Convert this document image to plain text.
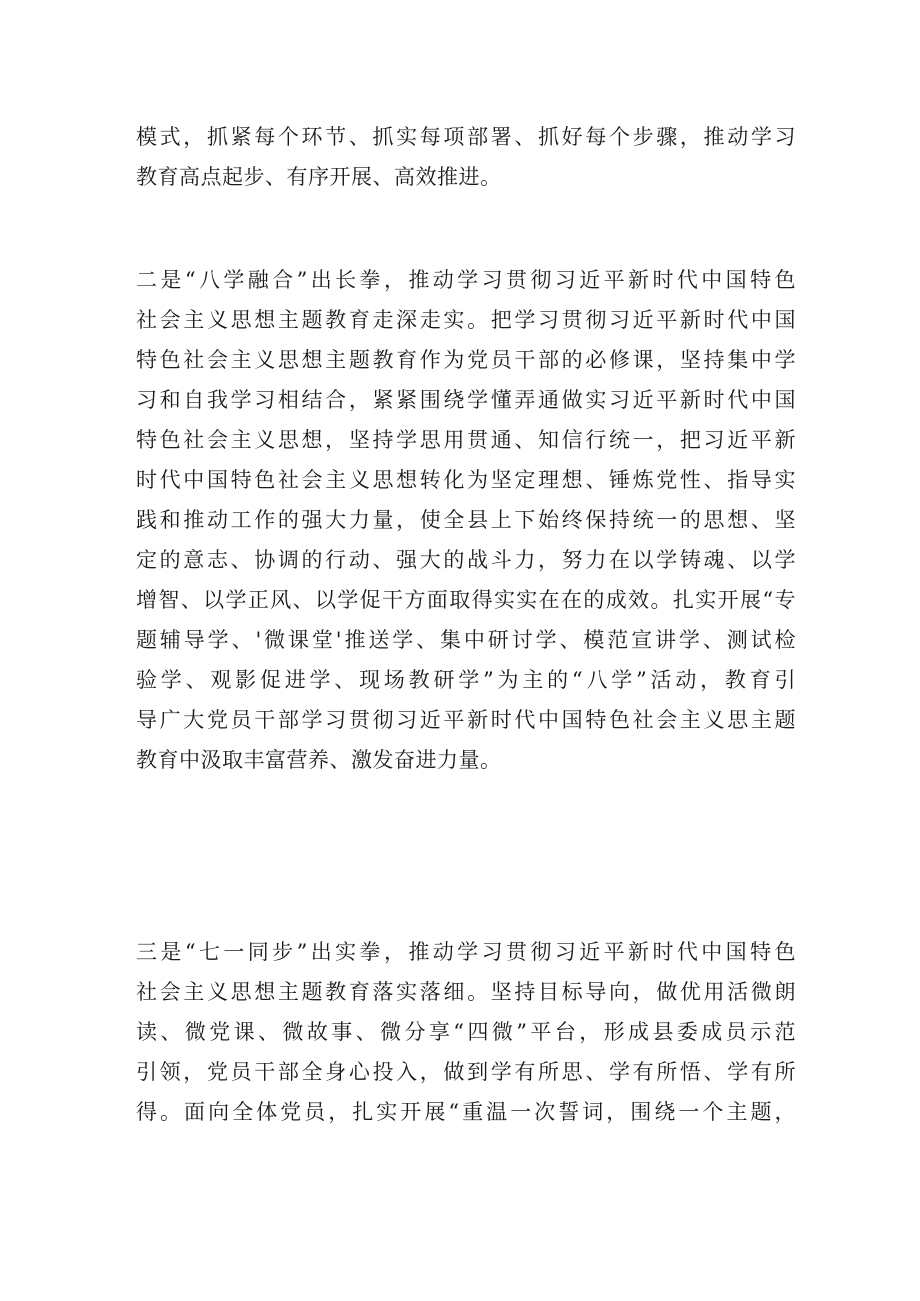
模式，抓紧每个环节、抓实每项部署、抓好每个步骤，推动学习
教育高点起步、有序开展、高效推进。
二是“八学融合”出长拳，推动学习贯彻习近平新时代中国特色
社会主义思想主题教育走深走实。把学习贯彻习近平新时代中国
特色社会主义思想主题教育作为党员干部的必修课，坚持集中学
习和自我学习相结合，紧紧围绕学懂弄通做实习近平新时代中国
特色社会主义思想，坚持学思用贯通、知信行统一，把习近平新
时代中国特色社会主义思想转化为坚定理想、锤炼党性、指导实
践和推动工作的强大力量，使全县上下始终保持统一的思想、坚
定的意志、协调的行动、强大的战斗力，努力在以学铸魂、以学
增智、以学正风、以学促干方面取得实实在在的成效。扎实开展“专
题辅导学、'微课堂'推送学、集中研讨学、模范宣讲学、测试检
验学、观影促进学、现场教研学”为主的“八学”活动，教育引
导广大党员干部学习贯彻习近平新时代中国特色社会主义思主题
教育中汲取丰富营养、激发奋进力量。
三是“七一同步”出实拳，推动学习贯彻习近平新时代中国特色
社会主义思想主题教育落实落细。坚持目标导向，做优用活微朗
读、微党课、微故事、微分享“四微”平台，形成县委成员示范
引领，党员干部全身心投入，做到学有所思、学有所悟、学有所
得。面向全体党员，扎实开展“重温一次誓词，围绕一个主题，
